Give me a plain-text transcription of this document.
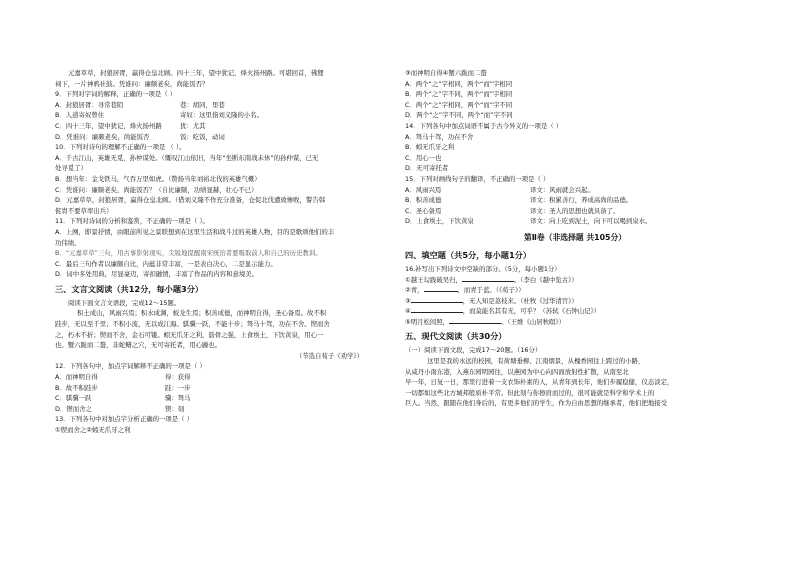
元嘉草草，封狼居胥，赢得仓皇北顾。四十三年，望中犹记，烽火扬州路。可堪回首，佛狸
祠下，一片神鸦社鼓。凭谁问：廉颇老矣，尚能饭否？
9．下列对字词的解释，正确的一项是（ ）
A．封狼居胥：寻常巷陌	巷：胡同，里巷
B．人道寄奴曾住	寄奴：这里指刘义隆的小名。
C．四十三年，望中犹记，烽火扬州路	犹：尤其
D．凭谁问：廉颇老矣，尚能饭否	饭：吃饭，动词
10．下列对诗句的理解不正确的一项是 （ ）。
A．千古江山，英雄无觅，孙仲谋处。（慨叹江山依旧，当年“坐断东南战未休”的孙仲谋，已无
处寻觅了）
B．想当年：金戈铁马，气吞万里如虎。（赞扬当年刘裕北伐的英雄气概）
C．凭谁问：廉颇老矣，尚能饭否？（自比廉颇，功绩显赫，壮心不已）
D．元嘉草草，封狼居胥，赢得仓皇北顾。（借刘义隆不作充分准备，仓促北伐遭致惨败，警告韩
侂胄不要草率出兵）
11．下列对诗词的分析和鉴赏，不正确的一项是（ ）。
A．上阕，即景抒情，由眼前所见之景联想到在这里生活和战斗过的英雄人物，目的是歌颂他们的丰
功伟绩。
B．“元嘉草草”三句，用古事影射现实，尖锐地提醒南宋统治者要吸取前人和自己的历史教训。
C．最后三句作者以廉颇自比，内蕴非常丰富，一是表白决心，二是显示能力。
D．词中多处用典，尽显豪迈，寄扣融情，丰富了作品的内容和意境美。
三、文言文阅读（共12分，每小题3分）
阅读下面文言文语段，完成12～15题。
积土成山，风雨兴焉；积水成渊，蛟龙生焉；积善成德，而神明自得，圣心备焉。故不积
跬步，无以至千里；不积小流，无以成江海。骐骥一跃，不能十步；驽马十驾，功在不舍。锲而舍
之，朽木不折；锲而不舍，金石可镂。蚓无爪牙之利，筋骨之强，上食埃土，下饮黄泉，用心一
也。蟹六跪而二螯，非蛇鳝之穴，无可寄托者，用心躁也。
（节选自荀子《劝学》）
12．下列各句中，加点字词解释不正确的一项是（ ）
A．而神明自得	得：获得
B．故不积跬步	跬：一步
C．骐骥一跃	骥：驽马
D．锲而舍之	锲：刻
13．下列各句中对加点字分析正确的一项是（ ）
①锲而舍之②蚓无爪牙之利
③而神明自得④蟹六跪而二螯
A．两个“之”字相同，两个“而”字相同
B．两个“之”字不同，两个“而”字相同
C．两个“之”字相同，两个“而”字不同
D．两个“之”字不同，两个“而”字不同
14．下列各句中加点词语不属于古今异义的一项是（ ）
A．驽马十驾，功在不舍
B．蚓无爪牙之利
C．用心一也
D．无可寄托者
15．下列对画线句子的翻译，不正确的一项是（ ）
A．风雨兴焉	译文：风雨就会兴起。
B．积善成德	译文：积累善行，养成高尚的品德。
C．圣心备焉	译文：圣人的思想也就具备了。
D．上食埃土，下饮黄泉	译文：向上吃到泥土，向下可以喝到泉水。
第Ⅱ卷（非选择题 共105分）
四、填空题（共5分，每小题1分）
16.补写出下列诗文中空缺的部分。（5分，每小题1分）
①越王勾践破吴归，	。（李白《越中览古》）
②青，	，而青于蓝。（《荀子》）
③	，无人知是荔枝来。（杜牧《过华清宫》）
④	，而莫能名其有无，可乎？（苏轼《石钟山记》）
⑤明月松间照，	。（王维《山居秋暝》）
五、现代文阅读（共30分）
（一）阅读下面文段，完成17～20题。（16分）
这里是我的永远的校园，有荷塘垂柳、江南烟景，从槐香园往上跨过的小路，
从咸丹小南东港，入燕东园明园往，以燕园为中心向四面放射性扩散，从南至北
早一年，日复一日，那里行进着一支衣饰朴素的人，从青年到长年，他们步履稳健，仪态淡定，
一切都如这些北方城邦般质朴平常。但此刻与你擦肩而过的，很可能就是科学和学术上的
巨人。当然，跟随在他们身后的，有更多他们的学生，作为自由思想的继承者，他们把地接受
